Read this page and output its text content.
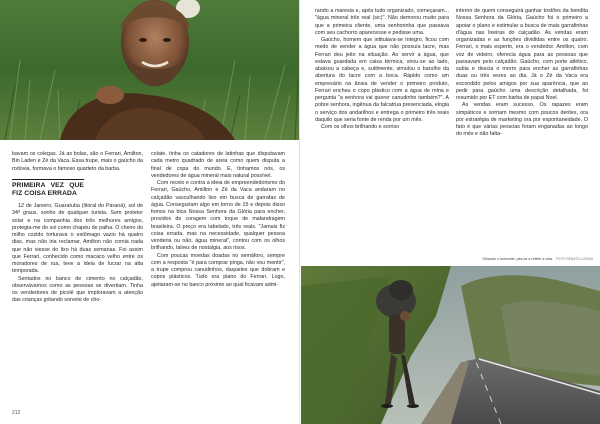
bavam os colegas. Já as bolas, são o Ferrari, Amilton, Bin Laden e Zé da Vaca. Essa trupe, mais o gaúcho da rodovia, formava o famoso quarteto da barba.

PRIMEIRA VEZ QUE FIZ COISA ERRADA

12 de Janeiro, Guaratuba (litoral do Paraná), sol de 34º graus, sonho de qualquer turista. Sem protetor solar e na companhia dos três melhores amigos, protegia-me do sol como chapéu de palha. O cheiro do milho cozido torturava o estômago vazio há quatro dias, mas não iria reclamar, Amilton não comia nada que não viesse do lixo há duas semanas. Foi assim que Ferrari, conhecido como macaco velho entre os moradores de rua, teve a ideia de lucrar na alta temporada.

Sentados no banco de cimento no calçadão, observávamos como as pessoas se divertiam. Tinha os vendedores de picolé que imploravam a atenção das crianças gritando sorvete de cho-

colate, tinha os catadores de latinhas que disputavam cada metro quadrado de areia como quem disputa a final de copa do mundo. E, tínhamos nós, os vendedores de água mineral mais natural possível.

Com receio e contra a ideia de empreendedorismo do Ferrari, Gaúcho, Amilton e Zé da Vaca andaram no calçadão vasculhando lixo em busca de garrafas de água. Conseguiram algo em torno de 15 e depois disso fomos na bica Nossa Senhora da Glória para encher, providos de coragem com toque de malandragem brasileira. O preço era tabelado, três reais. "Jamais fiz coisa errada, mas na necessidade, qualquer pessoa venderia ou não, água mineral", contou com os olhos brilhando, talvez de nostalgia, aos risos.

Com poucas moedas doadas no semáforo, sempre com a resposta "é para comprar pinga, não vou mentir", a trupe comprou canudinhos, daqueles que dobram e copos plásticos. Tudo era plano do Ferrari. Logo, ajeitaram-se no banco próximo ao qual ficavam admi-

212

rando a maresia e, após tudo organizado, começaram... "água mineral três real (sic)". Não demorou muito para que a primeira cliente, uma senhorinha que passava com seu cachorro aparecesse e pedisse uma.

Gaúcho, homem que intitulava-se íntegro, ficou com medo de vender a água que não possuía lacre, mas Ferrari deu jeito na situação. Ao servir a água, que estava guardada em caixa térmica, virou-se ao lado, abaixou a cabeça e, sutilmente, simulou o barulho da abertura do lacre com a boca. Rápido como um empresário na ânsia de vender o primeiro produto, Ferrari encheu o copo plástico com a água de mina e pergunta "a senhora vai querer canudinho também?". A pobre senhora, ingênua da falcatrua presenciada, elogia o serviço dos andarilhos e entrega o primeiro três reais daquilo que seria fonte de renda por um mês.

Com os olhos brilhando e sorriso

interno de quem conseguirá ganhar tostões da bendita Nossa Senhora da Glória, Gaúcho foi o primeiro a apoiar o plano e estimular a busca de mais garrafinhas d'água nas lixeiras do calçadão. As vendas eram organizadas e as funções divididas entre os quatro. Ferrari, o mais esperto, era o vendedor. Amilton, com voz de videiro, oferecia água para as pessoas que passavam pelo calçadão. Gaúcho, com porte atlético, subia e descia o morro para encher as garrafinhas duas ou três vezes ao dia. Já o Zé da Vaca era escondido pelos amigos por sua aparência, que ao pedir para gaúcho uma descrição detalhada, foi resumido por ET com barba de papai Noel.

As vendas eram sucesso. Os rapazes eram simpáticos e sorriam mesmo com poucos dentes, ora por estratégia de marketing ora por espontaneidade. O fato é que várias pessoas foram enganadas ao longo do mês e não falta-

Olhando o horizonte, pés-se a refletir a vida. FOTO: RENATO LUSSKA
